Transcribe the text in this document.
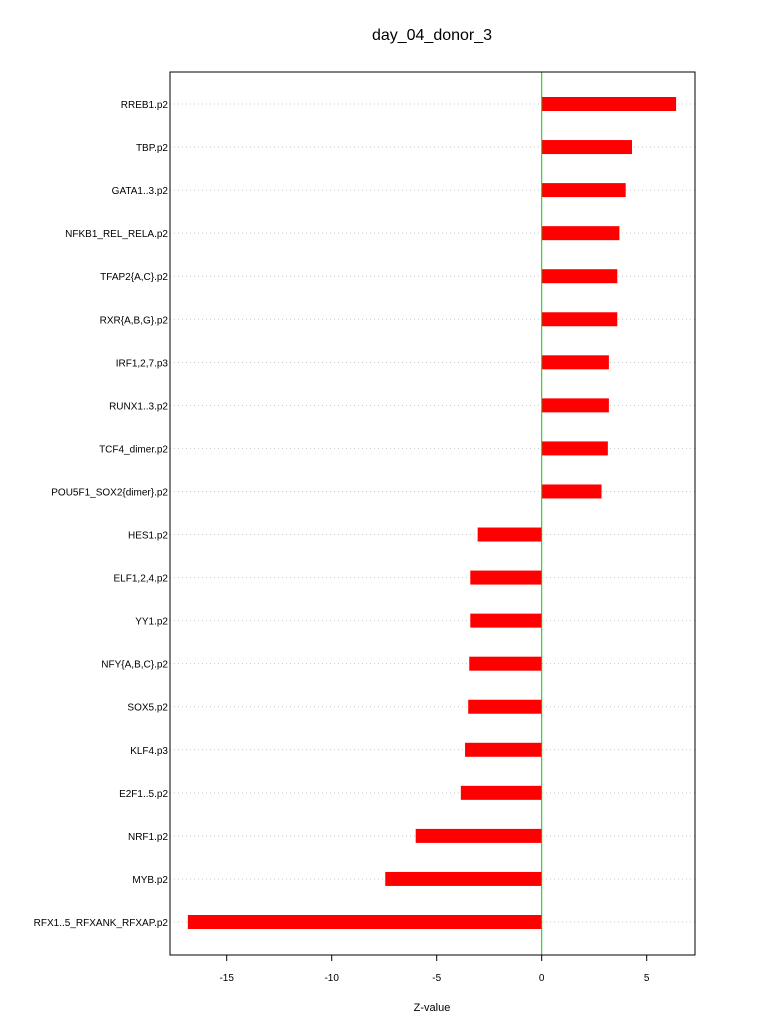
day_04_donor_3
RREB1.p2
TBP.p2
GATA1..3.p2
NFKB1_REL_RELA.p2
TFAP2{A,C}.p2
RXR{A,B,G}.p2
IRF1,2,7.p3
RUNX1..3.p2
TCF4_dimer.p2
POU5F1_SOX2{dimer}.p2
HES1.p2
ELF1,2,4.p2
YY1.p2
NFY{A,B,C}.p2
SOX5.p2
KLF4.p3
E2F1..5.p2
NRF1.p2
MYB.p2
RFX1..5_RFXANK_RFXAP.p2
-15	-10	-5	0	5
Z-value
